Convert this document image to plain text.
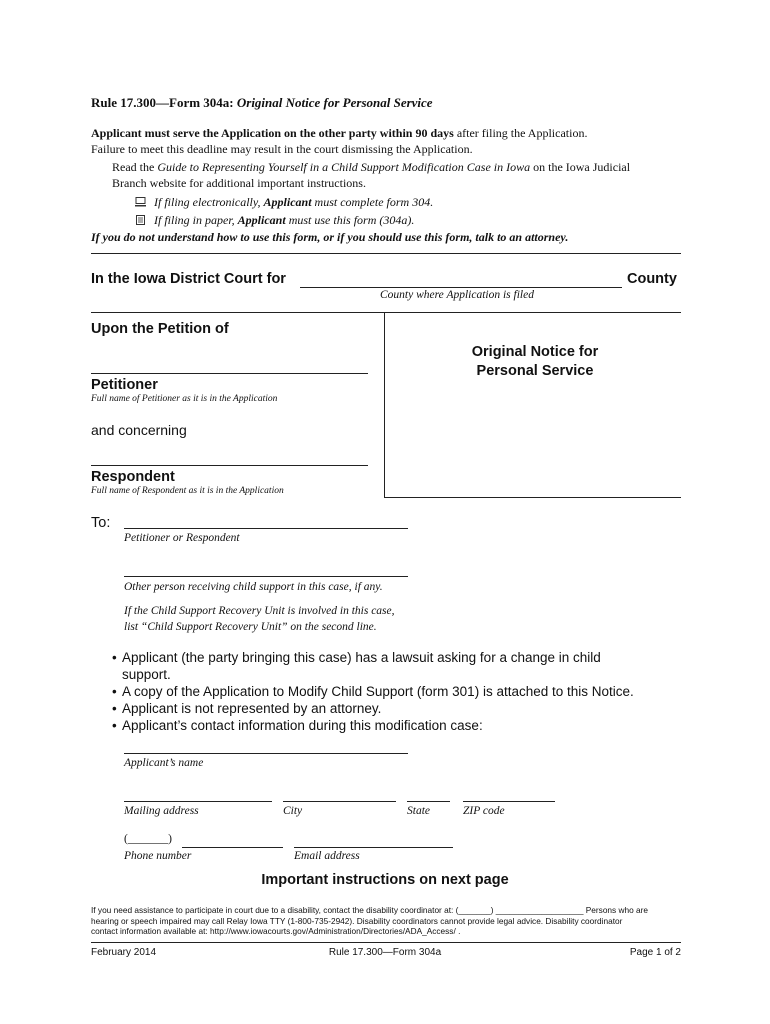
Rule 17.300—Form 304a: Original Notice for Personal Service
Applicant must serve the Application on the other party within 90 days after filing the Application.
Failure to meet this deadline may result in the court dismissing the Application.
Read the Guide to Representing Yourself in a Child Support Modification Case in Iowa on the Iowa Judicial
Branch website for additional important instructions.
If filing electronically, Applicant must complete form 304.
If filing in paper, Applicant must use this form (304a).
If you do not understand how to use this form, or if you should use this form, talk to an attorney.
In the Iowa District Court for	County
County where Application is filed
Upon the Petition of
Petitioner
Full name of Petitioner as it is in the Application
and concerning
Respondent
Full name of Respondent as it is in the Application
Original Notice for
Personal Service
To:
Petitioner or Respondent
Other person receiving child support in this case, if any.
If the Child Support Recovery Unit is involved in this case,
list “Child Support Recovery Unit” on the second line.
• Applicant (the party bringing this case) has a lawsuit asking for a change in child
support.
• A copy of the Application to Modify Child Support (form 301) is attached to this Notice.
• Applicant is not represented by an attorney.
• Applicant’s contact information during this modification case:
Applicant’s name
Mailing address	City	State	ZIP code
(_______)
Phone number	Email address
Important instructions on next page
If you need assistance to participate in court due to a disability, contact the disability coordinator at: (_______) ___________________ Persons who are
hearing or speech impaired may call Relay Iowa TTY (1-800-735-2942). Disability coordinators cannot provide legal advice. Disability coordinator
contact information available at: http://www.iowacourts.gov/Administration/Directories/ADA_Access/ .
February 2014	Rule 17.300—Form 304a	Page 1 of 2
